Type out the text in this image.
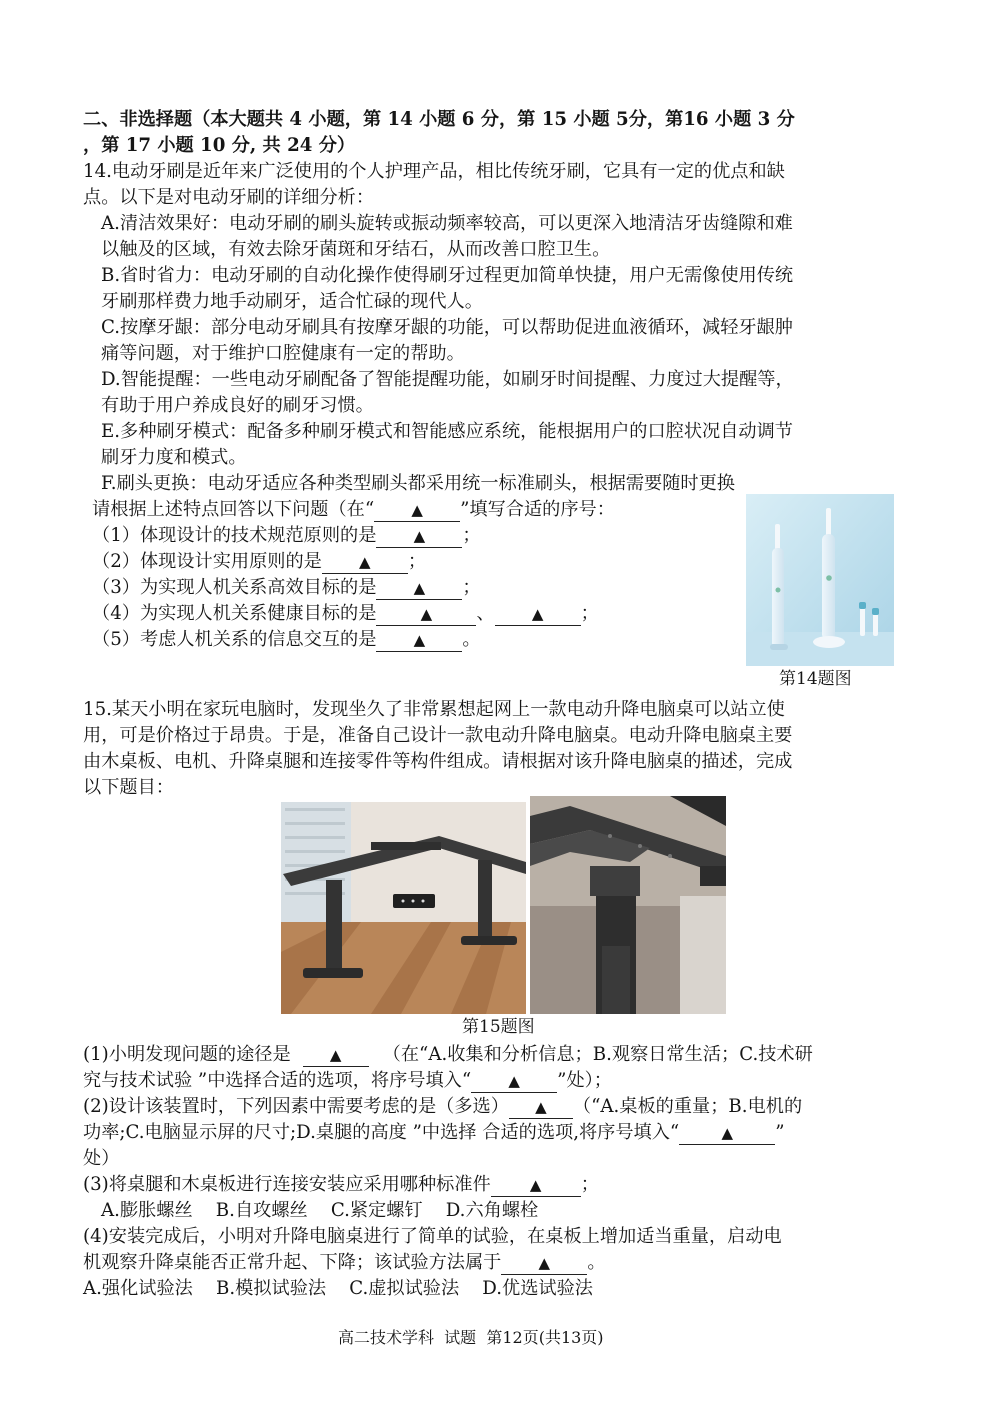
二、非选择题（本大题共 4 小题，第 14 小题 6 分，第 15 小题 5分，第16 小题 3 分
，第 17 小题 10 分, 共 24 分）
14.电动牙刷是近年来广泛使用的个人护理产品，相比传统牙刷，它具有一定的优点和缺
点。以下是对电动牙刷的详细分析：
A.清洁效果好：电动牙刷的刷头旋转或振动频率较高，可以更深入地清洁牙齿缝隙和难
以触及的区域，有效去除牙菌斑和牙结石，从而改善口腔卫生。
B.省时省力：电动牙刷的自动化操作使得刷牙过程更加简单快捷，用户无需像使用传统
牙刷那样费力地手动刷牙，适合忙碌的现代人。
C.按摩牙龈：部分电动牙刷具有按摩牙龈的功能，可以帮助促进血液循环，减轻牙龈肿
痛等问题，对于维护口腔健康有一定的帮助。
D.智能提醒：一些电动牙刷配备了智能提醒功能，如刷牙时间提醒、力度过大提醒等，
有助于用户养成良好的刷牙习惯。
E.多种刷牙模式：配备多种刷牙模式和智能感应系统，能根据用户的口腔状况自动调节
刷牙力度和模式。
F.刷头更换：电动牙适应各种类型刷头都采用统一标准刷头，根据需要随时更换
请根据上述特点回答以下问题（在“ ▲ ”填写合适的序号：
（1）体现设计的技术规范原则的是 ▲ ；
（2）体现设计实用原则的是 ▲ ；
（3）为实现人机关系高效目标的是 ▲ ；
（4）为实现人机关系健康目标的是	▲ 、 ▲ ；
（5）考虑人机关系的信息交互的是 ▲ 。
第14题图
15.某天小明在家玩电脑时，发现坐久了非常累想起网上一款电动升降电脑桌可以站立使
用，可是价格过于昂贵。于是，准备自己设计一款电动升降电脑桌。电动升降电脑桌主要
由木桌板、电机、升降桌腿和连接零件等构件组成。请根据对该升降电脑桌的描述，完成
以下题目：
第15题图
(1)小明发现问题的途径是	▲ （在“A.收集和分析信息；B.观察日常生活；C.技术研
究与技术试验 ”中选择合适的选项，将序号填入“ ▲ ”处）；
(2)设计该装置时，下列因素中需要考虑的是（多选） ▲ （“A.桌板的重量；B.电机的
功率;C.电脑显示屏的尺寸;D.桌腿的高度 ”中选择 合适的选项,将序号填入“	▲ ”
处）
(3)将桌腿和木桌板进行连接安装应采用哪种标准件	▲ ；
A.膨胀螺丝    B.自攻螺丝    C.紧定螺钉    D.六角螺栓
(4)安装完成后，小明对升降电脑桌进行了简单的试验，在桌板上增加适当重量，启动电
机观察升降桌能否正常升起、下降；该试验方法属于 ▲ 。
A.强化试验法    B.模拟试验法    C.虚拟试验法    D.优选试验法
高二技术学科  试题  第12页(共13页)
